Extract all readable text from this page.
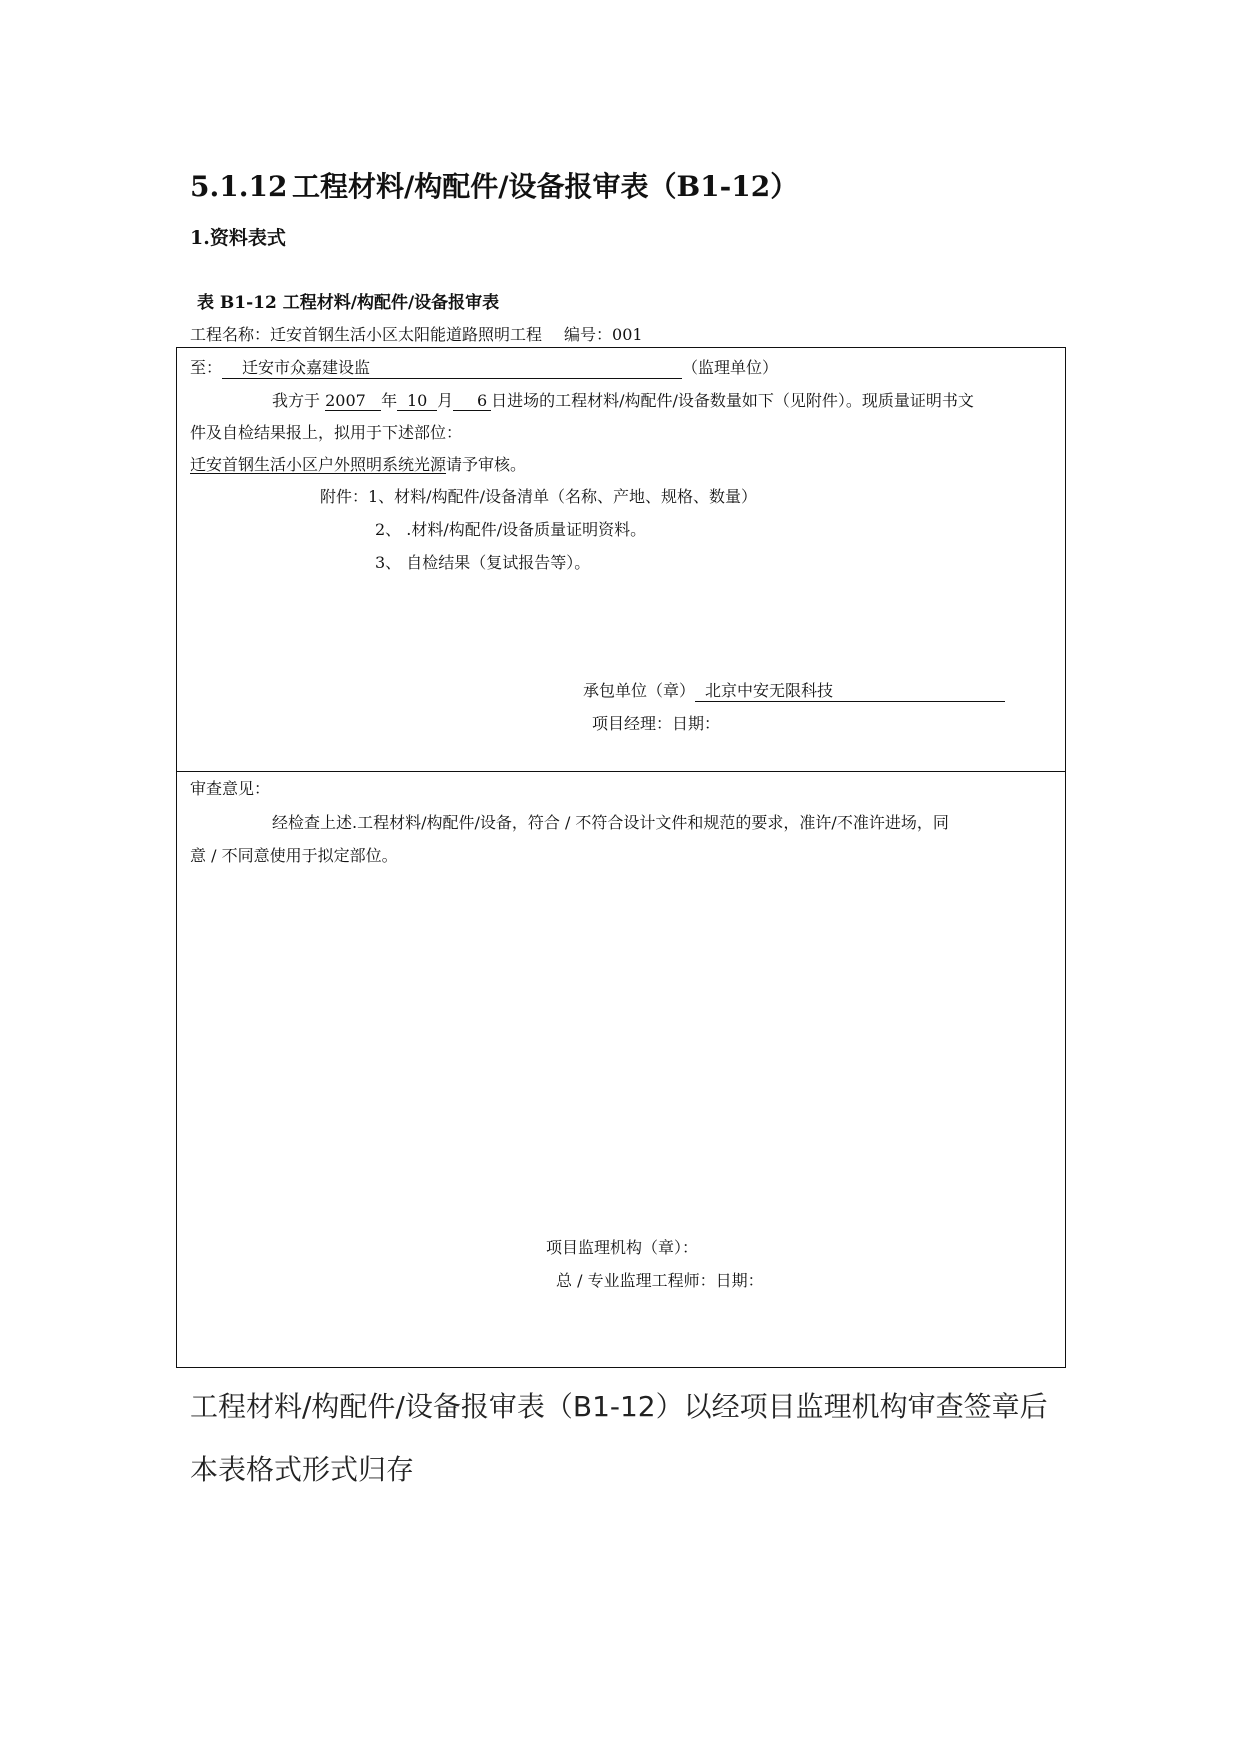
5.1.12 工程材料/构配件/设备报审表（B1-12）
1.资料表式
表 B1-12 工程材料/构配件/设备报审表
工程名称：迁安首钢生活小区太阳能道路照明工程 编号：001
至： 迁安市众嘉建设监	（监理单位）
我方于 2007 年 10 月 6 日进场的工程材料/构配件/设备数量如下（见附件）。现质量证明书文
件及自检结果报上，拟用于下述部位：
迁安首钢生活小区户外照明系统光源请予审核。
附件：1、材料/构配件/设备清单（名称、产地、规格、数量）
2、 .材料/构配件/设备质量证明资料。
3、 自检结果（复试报告等）。
承包单位（章） 北京中安无限科技
项目经理：日期：
审查意见：
经检查上述.工程材料/构配件/设备，符合 / 不符合设计文件和规范的要求，准许/不准许进场，同
意 / 不同意使用于拟定部位。
项目监理机构（章）：
总 / 专业监理工程师：日期：
工程材料/构配件/设备报审表（B1-12）以经项目监理机构审查签章后
本表格式形式归存
